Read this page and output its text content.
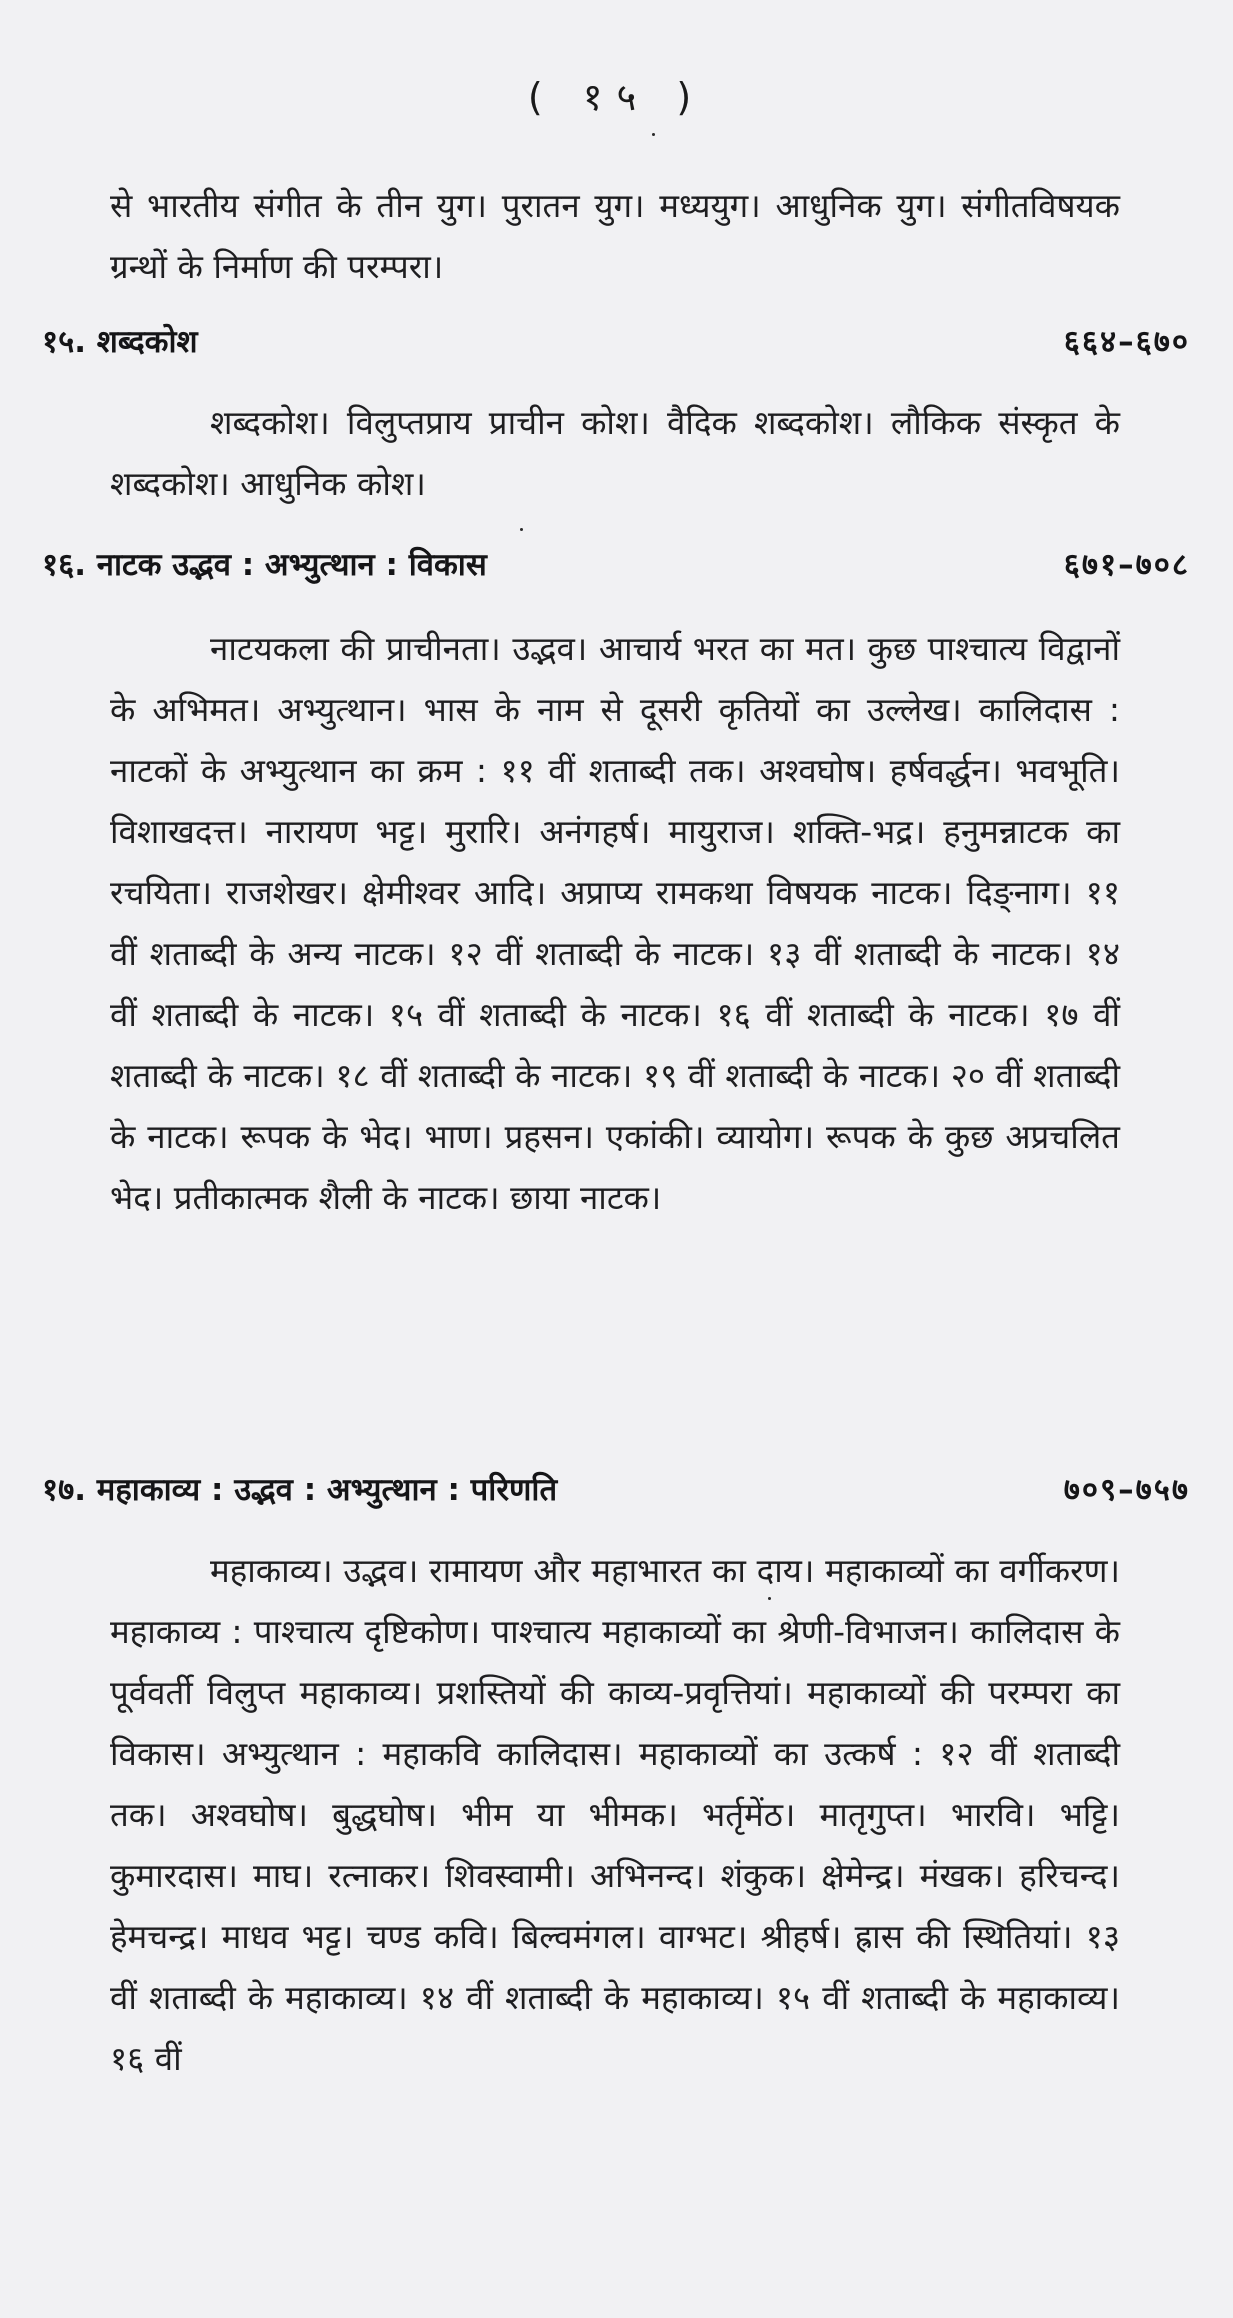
( १५ )
से भारतीय संगीत के तीन युग। पुरातन युग। मध्ययुग। आधुनिक युग। संगीतविषयक ग्रन्थों के निर्माण की परम्परा।
१५. शब्दकोश	६६४–६७०
शब्दकोश। विलुप्तप्राय प्राचीन कोश। वैदिक शब्दकोश। लौकिक संस्कृत के शब्दकोश। आधुनिक कोश।
१६. नाटक उद्भव : अभ्युत्थान : विकास	६७१–७०८
नाटयकला की प्राचीनता। उद्भव। आचार्य भरत का मत। कुछ पाश्चात्य विद्वानों के अभिमत। अभ्युत्थान। भास के नाम से दूसरी कृतियों का उल्लेख। कालिदास : नाटकों के अभ्युत्थान का क्रम : ११ वीं शताब्दी तक। अश्वघोष। हर्षवर्द्धन। भवभूति। विशाखदत्त। नारायण भट्ट। मुरारि। अनंगहर्ष। मायुराज। शक्ति-भद्र। हनुमन्नाटक का रचयिता। राजशेखर। क्षेमीश्वर आदि। अप्राप्य रामकथा विषयक नाटक। दिङ्नाग। ११ वीं शताब्दी के अन्य नाटक। १२ वीं शताब्दी के नाटक। १३ वीं शताब्दी के नाटक। १४ वीं शताब्दी के नाटक। १५ वीं शताब्दी के नाटक। १६ वीं शताब्दी के नाटक। १७ वीं शताब्दी के नाटक। १८ वीं शताब्दी के नाटक। १९ वीं शताब्दी के नाटक। २० वीं शताब्दी के नाटक। रूपक के भेद। भाण। प्रहसन। एकांकी। व्यायोग। रूपक के कुछ अप्रचलित भेद। प्रतीकात्मक शैली के नाटक। छाया नाटक।
१७. महाकाव्य : उद्भव : अभ्युत्थान : परिणति	७०९–७५७
महाकाव्य। उद्भव। रामायण और महाभारत का दाय। महाकाव्यों का वर्गीकरण। महाकाव्य : पाश्चात्य दृष्टिकोण। पाश्चात्य महाकाव्यों का श्रेणी-विभाजन। कालिदास के पूर्ववर्ती विलुप्त महाकाव्य। प्रशस्तियों की काव्य-प्रवृत्तियां। महाकाव्यों की परम्परा का विकास। अभ्युत्थान : महाकवि कालिदास। महाकाव्यों का उत्कर्ष : १२ वीं शताब्दी तक। अश्वघोष। बुद्धघोष। भीम या भीमक। भर्तृमेंठ। मातृगुप्त। भारवि। भट्टि। कुमारदास। माघ। रत्नाकर। शिवस्वामी। अभिनन्द। शंकुक। क्षेमेन्द्र। मंखक। हरिचन्द। हेमचन्द्र। माधव भट्ट। चण्ड कवि। बिल्वमंगल। वाग्भट। श्रीहर्ष। ह्रास की स्थितियां। १३ वीं शताब्दी के महाकाव्य। १४ वीं शताब्दी के महाकाव्य। १५ वीं शताब्दी के महाकाव्य। १६ वीं
